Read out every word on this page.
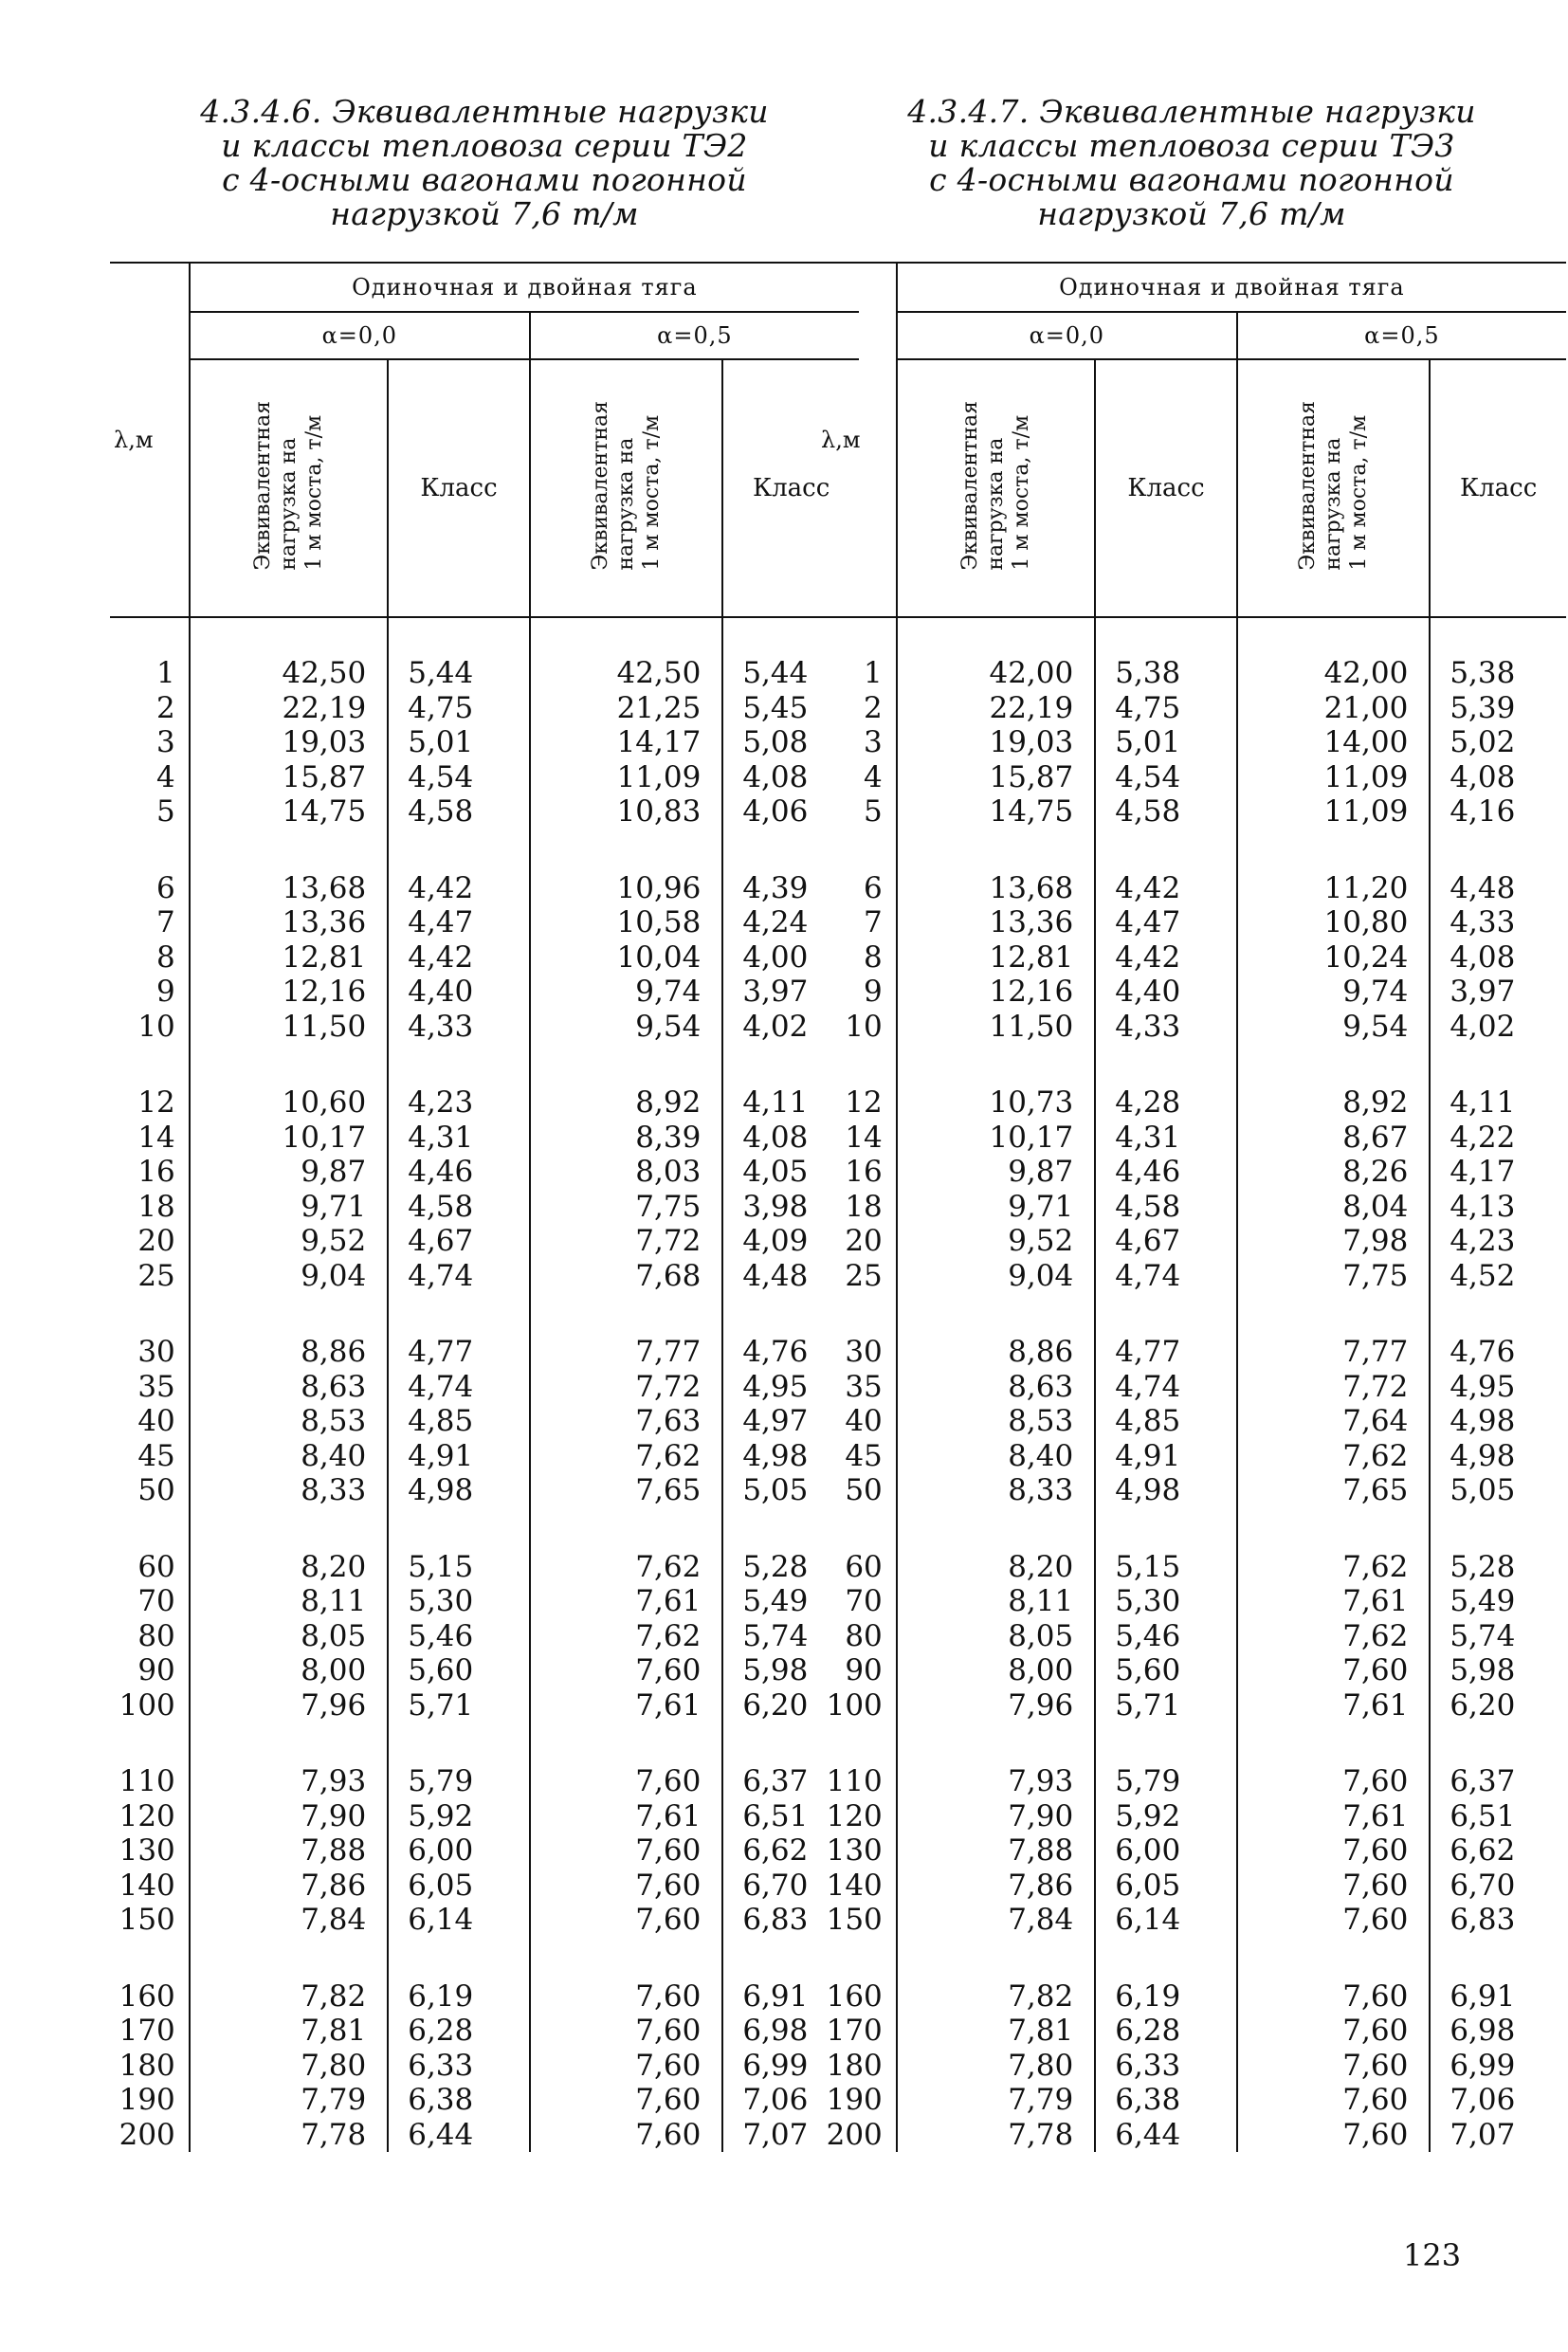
4.3.4.6. Эквивалентные нагрузки
и классы тепловоза серии ТЭ2
с 4-осными вагонами погонной
нагрузкой 7,6 т/м
λ,м	Одиночная и двойная тяга			
	α=0,0		α=0,5	

	Эквивалентная нагрузка на 1 м моста, т/м	Класс	Эквивалентная нагрузка на 1 м моста, т/м	Класс
1	42,50	5,44	42,50	5,44
2	22,19	4,75	21,25	5,45
3	19,03	5,01	14,17	5,08
4	15,87	4,54	11,09	4,08
5	14,75	4,58	10,83	4,06

6	13,68	4,42	10,96	4,39
7	13,36	4,47	10,58	4,24
8	12,81	4,42	10,04	4,00
9	12,16	4,40	9,74	3,97
10	11,50	4,33	9,54	4,02

12	10,60	4,23	8,92	4,11
14	10,17	4,31	8,39	4,08
16	9,87	4,46	8,03	4,05
18	9,71	4,58	7,75	3,98
20	9,52	4,67	7,72	4,09
25	9,04	4,74	7,68	4,48

30	8,86	4,77	7,77	4,76
35	8,63	4,74	7,72	4,95
40	8,53	4,85	7,63	4,97
45	8,40	4,91	7,62	4,98
50	8,33	4,98	7,65	5,05

60	8,20	5,15	7,62	5,28
70	8,11	5,30	7,61	5,49
80	8,05	5,46	7,62	5,74
90	8,00	5,60	7,60	5,98
100	7,96	5,71	7,61	6,20

110	7,93	5,79	7,60	6,37
120	7,90	5,92	7,61	6,51
130	7,88	6,00	7,60	6,62
140	7,86	6,05	7,60	6,70
150	7,84	6,14	7,60	6,83

160	7,82	6,19	7,60	6,91
170	7,81	6,28	7,60	6,98
180	7,80	6,33	7,60	6,99
190	7,79	6,38	7,60	7,06
200	7,78	6,44	7,60	7,07
4.3.4.7. Эквивалентные нагрузки
и классы тепловоза серии ТЭ3
с 4-осными вагонами погонной
нагрузкой 7,6 т/м
λ,м	Одиночная и двойная тяга			
	α=0,0		α=0,5	

	Эквивалентная нагрузка на 1 м моста, т/м	Класс	Эквивалентная нагрузка на 1 м моста, т/м	Класс
1	42,00	5,38	42,00	5,38
2	22,19	4,75	21,00	5,39
3	19,03	5,01	14,00	5,02
4	15,87	4,54	11,09	4,08
5	14,75	4,58	11,09	4,16

6	13,68	4,42	11,20	4,48
7	13,36	4,47	10,80	4,33
8	12,81	4,42	10,24	4,08
9	12,16	4,40	9,74	3,97
10	11,50	4,33	9,54	4,02

12	10,73	4,28	8,92	4,11
14	10,17	4,31	8,67	4,22
16	9,87	4,46	8,26	4,17
18	9,71	4,58	8,04	4,13
20	9,52	4,67	7,98	4,23
25	9,04	4,74	7,75	4,52

30	8,86	4,77	7,77	4,76
35	8,63	4,74	7,72	4,95
40	8,53	4,85	7,64	4,98
45	8,40	4,91	7,62	4,98
50	8,33	4,98	7,65	5,05

60	8,20	5,15	7,62	5,28
70	8,11	5,30	7,61	5,49
80	8,05	5,46	7,62	5,74
90	8,00	5,60	7,60	5,98
100	7,96	5,71	7,61	6,20

110	7,93	5,79	7,60	6,37
120	7,90	5,92	7,61	6,51
130	7,88	6,00	7,60	6,62
140	7,86	6,05	7,60	6,70
150	7,84	6,14	7,60	6,83

160	7,82	6,19	7,60	6,91
170	7,81	6,28	7,60	6,98
180	7,80	6,33	7,60	6,99
190	7,79	6,38	7,60	7,06
200	7,78	6,44	7,60	7,07
123
